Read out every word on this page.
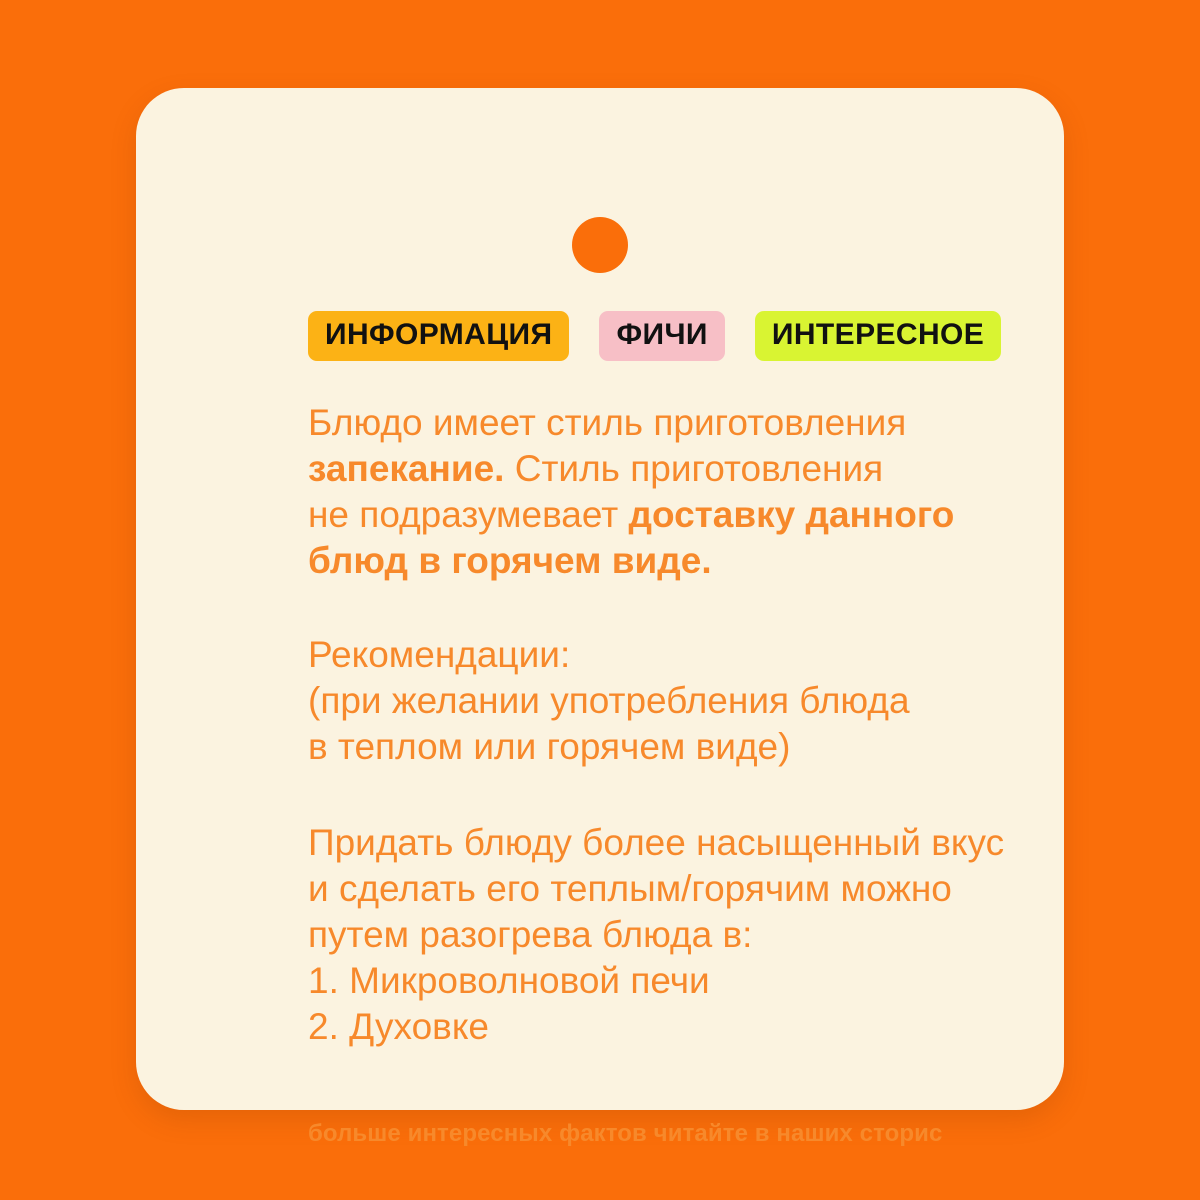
ИНФОРМАЦИЯ	ФИЧИ	ИНТЕРЕСНОЕ

Блюдо имеет стиль приготовления
запекание. Стиль приготовления
не подразумевает доставку данного
блюд в горячем виде.

Рекомендации:
(при желании употребления блюда
в теплом или горячем виде)

Придать блюду более насыщенный вкус
и сделать его теплым/горячим можно
путем разогрева блюда в:
1. Микроволновой печи
2. Духовке

больше интересных фактов читайте в наших сторис
